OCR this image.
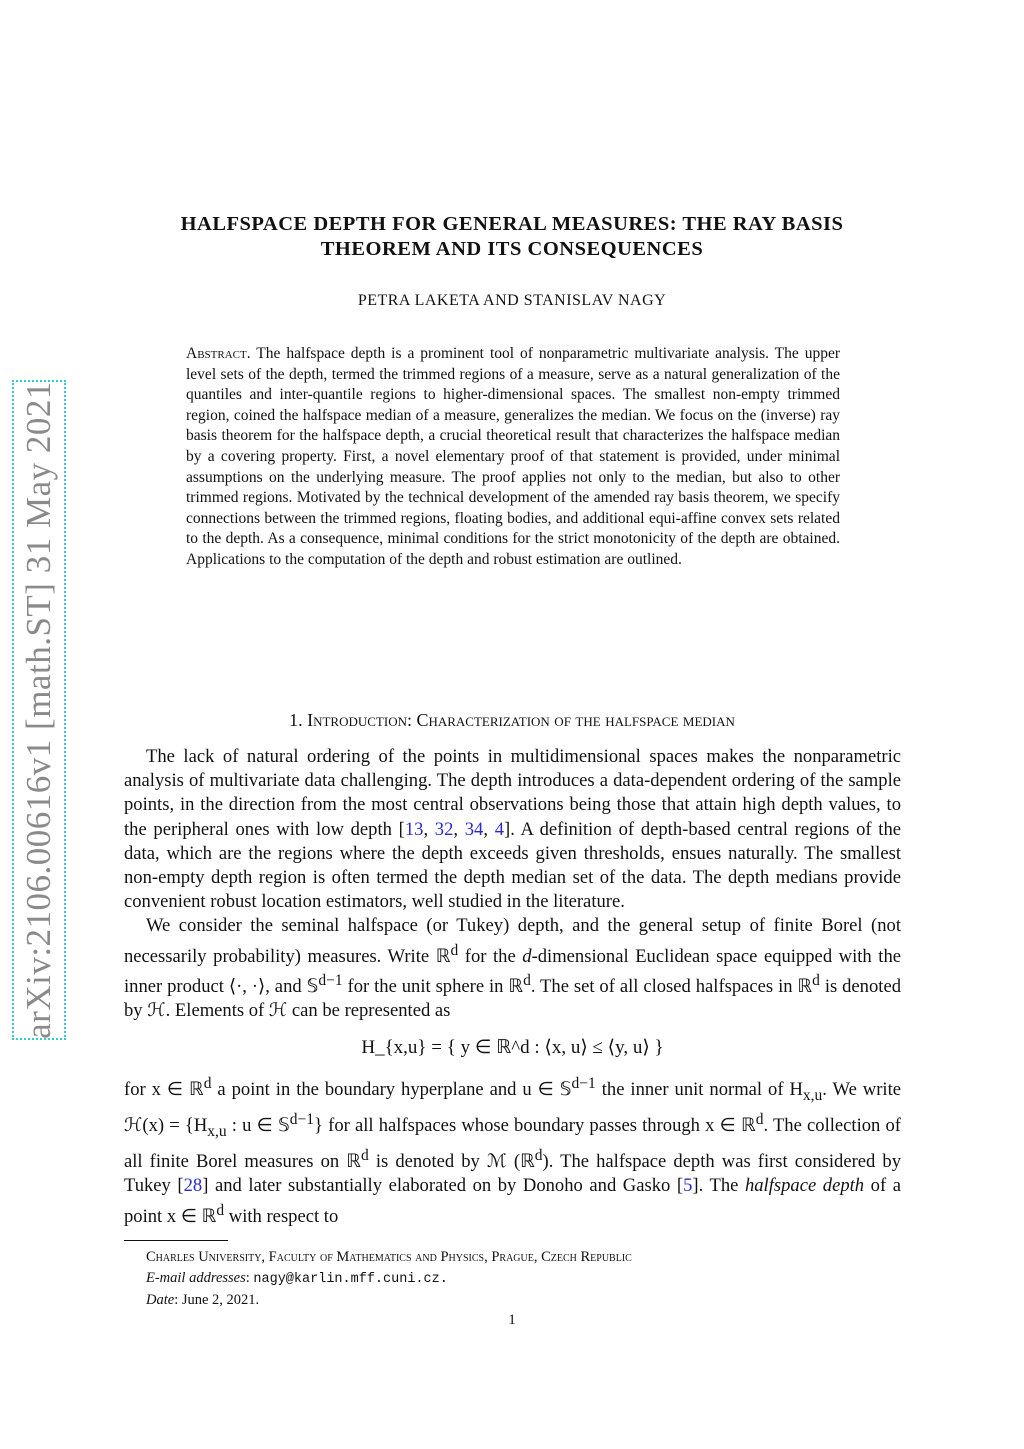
arXiv:2106.00616v1 [math.ST] 31 May 2021
HALFSPACE DEPTH FOR GENERAL MEASURES: THE RAY BASIS
THEOREM AND ITS CONSEQUENCES
PETRA LAKETA AND STANISLAV NAGY
Abstract. The halfspace depth is a prominent tool of nonparametric multivariate analysis. The upper level sets of the depth, termed the trimmed regions of a measure, serve as a natural generalization of the quantiles and inter-quantile regions to higher-dimensional spaces. The smallest non-empty trimmed region, coined the halfspace median of a measure, generalizes the median. We focus on the (inverse) ray basis theorem for the halfspace depth, a crucial theoretical result that characterizes the halfspace median by a covering property. First, a novel elementary proof of that statement is provided, under minimal assumptions on the underlying measure. The proof applies not only to the median, but also to other trimmed regions. Motivated by the technical development of the amended ray basis theorem, we specify connections between the trimmed regions, floating bodies, and additional equi-affine convex sets related to the depth. As a consequence, minimal conditions for the strict monotonicity of the depth are obtained. Applications to the computation of the depth and robust estimation are outlined.
1. Introduction: Characterization of the halfspace median

The lack of natural ordering of the points in multidimensional spaces makes the nonparametric analysis of multivariate data challenging. The depth introduces a data-dependent ordering of the sample points, in the direction from the most central observations being those that attain high depth values, to the peripheral ones with low depth [13, 32, 34, 4]. A definition of depth-based central regions of the data, which are the regions where the depth exceeds given thresholds, ensues naturally. The smallest non-empty depth region is often termed the depth median set of the data. The depth medians provide convenient robust location estimators, well studied in the literature.

We consider the seminal halfspace (or Tukey) depth, and the general setup of finite Borel (not necessarily probability) measures. Write ℝ$^d$ for the d-dimensional Euclidean space equipped with the inner product ⟨·, ·⟩, and 𝕊$^{d-1}$ for the unit sphere in ℝ$^d$. The set of all closed halfspaces in ℝ$^d$ is denoted by ℋ. Elements of ℋ can be represented as

H_{x,u} = { y ∈ ℝ^d : ⟨x, u⟩ ≤ ⟨y, u⟩ }

for x ∈ ℝ$^d$ a point in the boundary hyperplane and u ∈ 𝕊$^{d-1}$ the inner unit normal of $H_{x,u}$. We write ℋ(x) = {$H_{x,u}$ : u ∈ 𝕊$^{d-1}$} for all halfspaces whose boundary passes through x ∈ ℝ$^d$. The collection of all finite Borel measures on ℝ$^d$ is denoted by ℳ (ℝ$^d$). The halfspace depth was first considered by Tukey [28] and later substantially elaborated on by Donoho and Gasko [5]. The halfspace depth of a point x ∈ ℝ$^d$ with respect to

Charles University, Faculty of Mathematics and Physics, Prague, Czech Republic
E-mail addresses: nagy@karlin.mff.cuni.cz.
Date: June 2, 2021.
1
